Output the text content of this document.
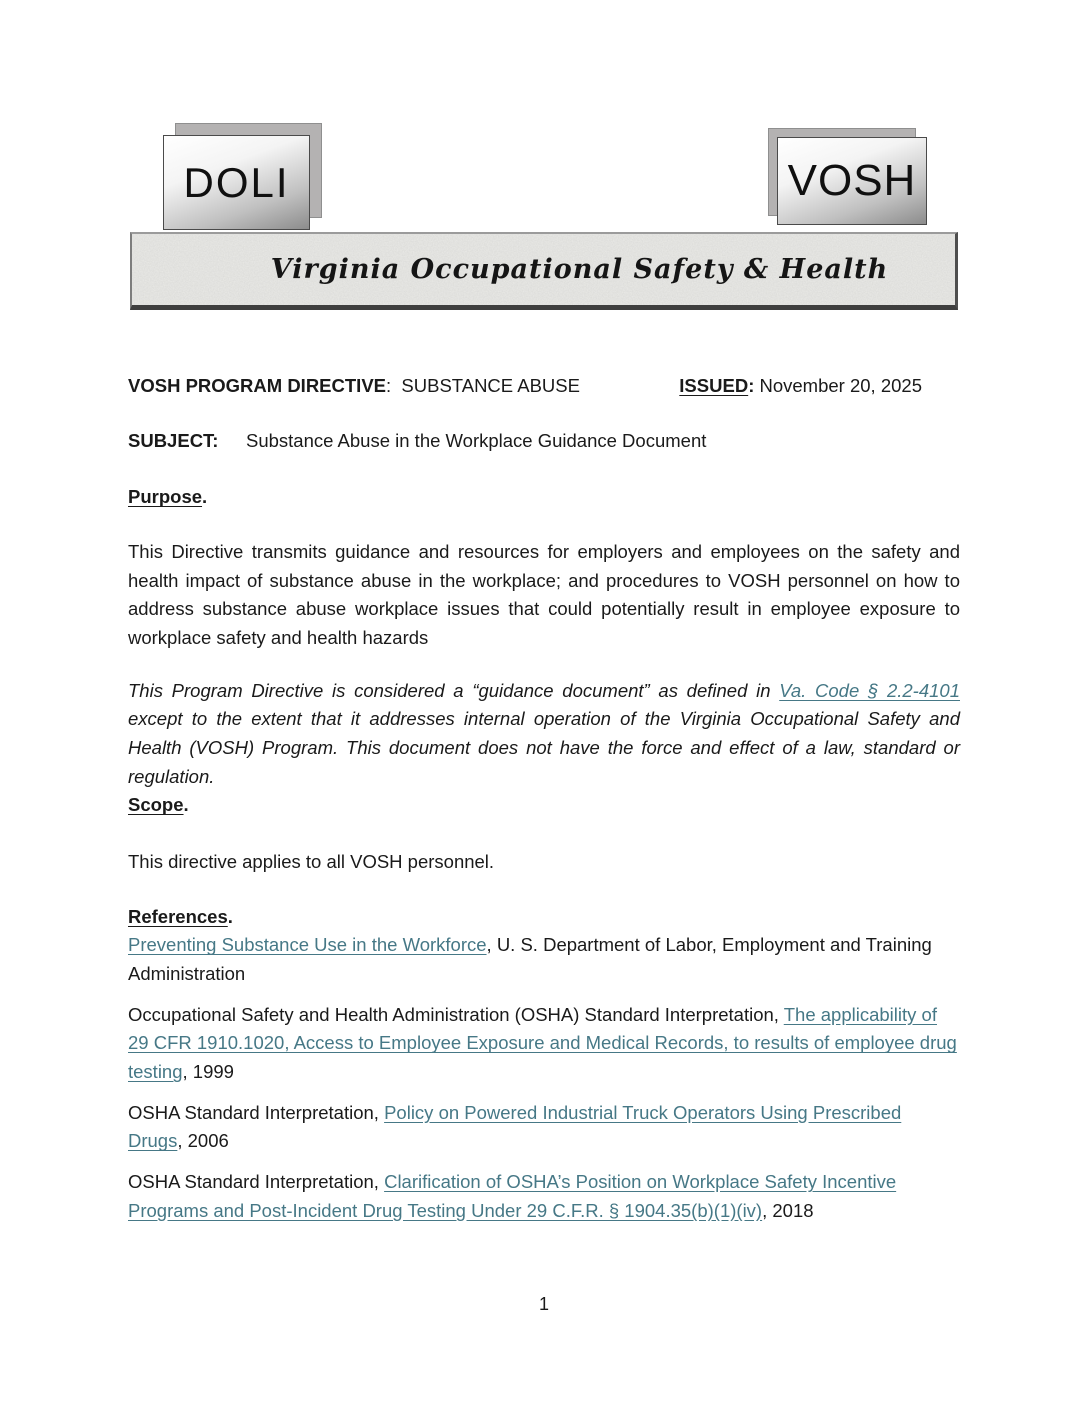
DOLI	VOSH
Virginia Occupational Safety & Health
VOSH PROGRAM DIRECTIVE:  SUBSTANCE ABUSE	ISSUED: November 20, 2025
SUBJECT:	Substance Abuse in the Workplace Guidance Document

Purpose.

This Directive transmits guidance and resources for employers and employees on the safety and health impact of substance abuse in the workplace; and procedures to VOSH personnel on how to address substance abuse workplace issues that could potentially result in employee exposure to workplace safety and health hazards

This Program Directive is considered a “guidance document” as defined in Va. Code § 2.2-4101 except to the extent that it addresses internal operation of the Virginia Occupational Safety and Health (VOSH) Program. This document does not have the force and effect of a law, standard or regulation.

Scope.

This directive applies to all VOSH personnel.

References.

Preventing Substance Use in the Workforce, U. S. Department of Labor, Employment and Training Administration

Occupational Safety and Health Administration (OSHA) Standard Interpretation, The applicability of 29 CFR 1910.1020, Access to Employee Exposure and Medical Records, to results of employee drug testing, 1999

OSHA Standard Interpretation, Policy on Powered Industrial Truck Operators Using Prescribed Drugs, 2006

OSHA Standard Interpretation, Clarification of OSHA’s Position on Workplace Safety Incentive Programs and Post-Incident Drug Testing Under 29 C.F.R. § 1904.35(b)(1)(iv), 2018

1
